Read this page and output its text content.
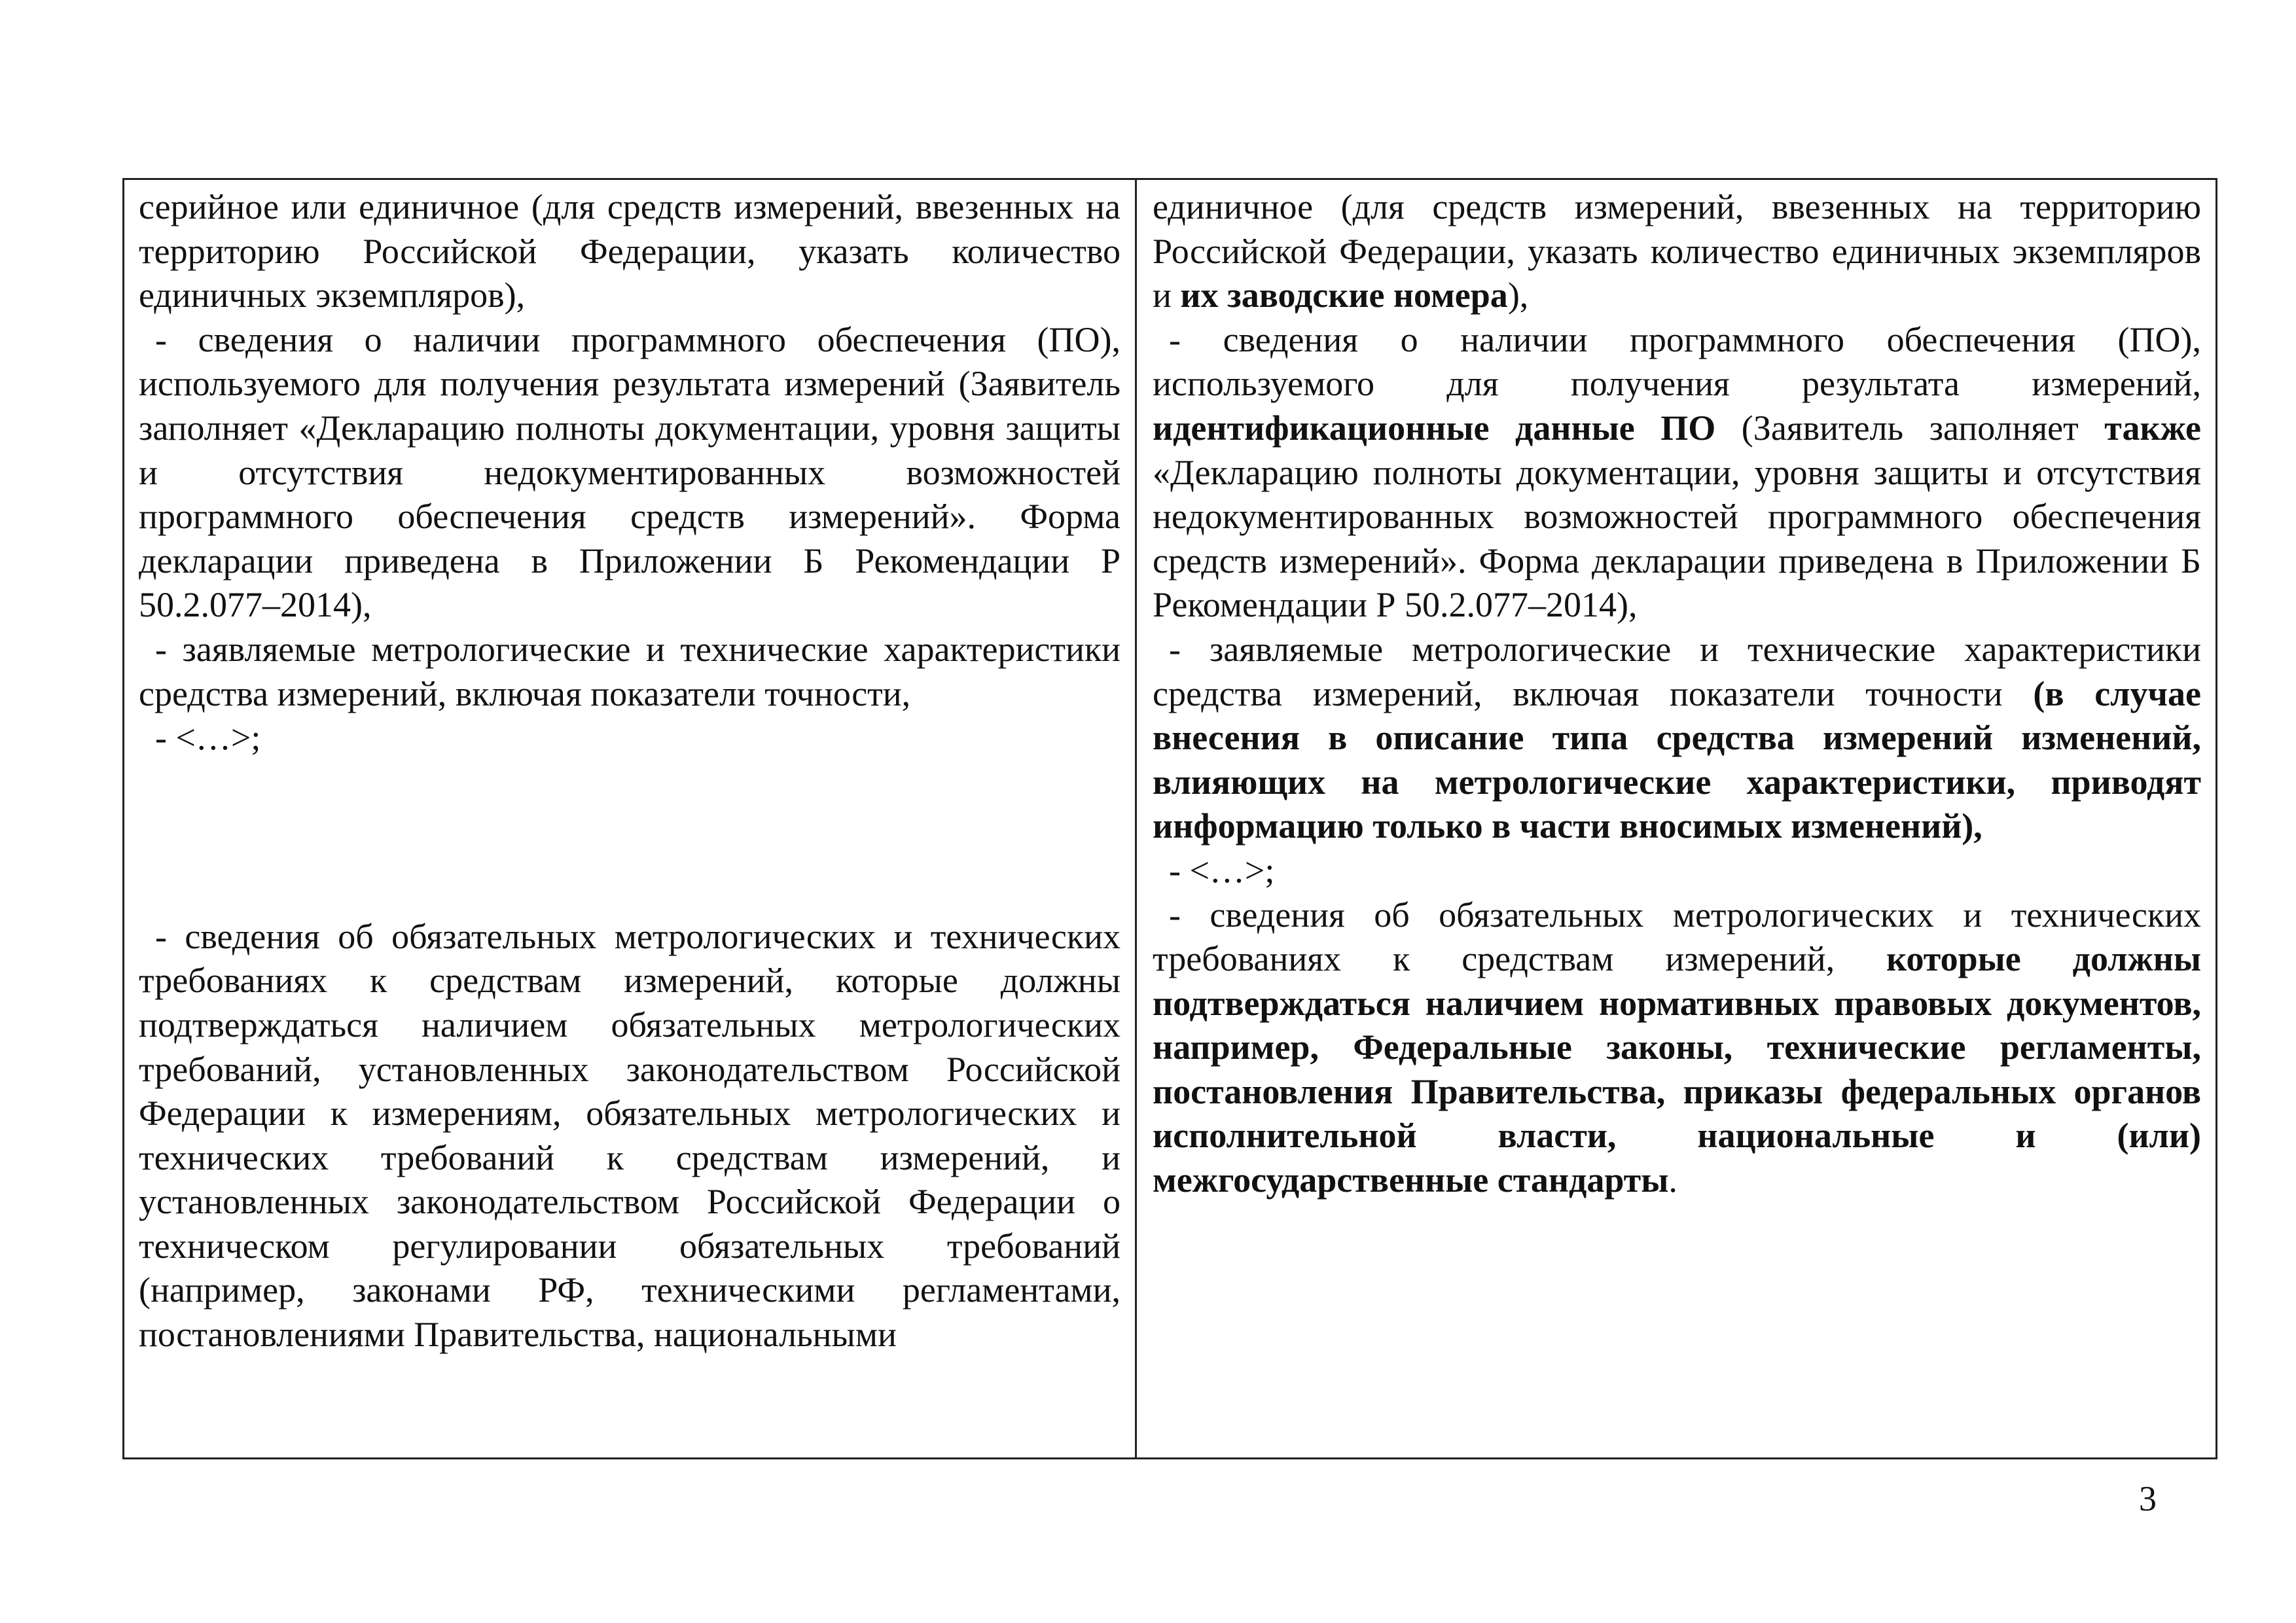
серийное или единичное (для средств измерений, ввезенных на территорию Российской Федерации, указать количество единичных экземпляров),

- сведения о наличии программного обеспечения (ПО), используемого для получения результата измерений (Заявитель заполняет «Декларацию полноты документации, уровня защиты и отсутствия недокументированных возможностей программного обеспечения средств измерений». Форма декларации приведена в Приложении Б Рекомендации Р 50.2.077–2014),

- заявляемые метрологические и технические характеристики средства измерений, включая показатели точности,

- <…>;

- сведения об обязательных метрологических и технических требованиях к средствам измерений, которые должны подтверждаться наличием обязательных метрологических требований, установленных законодательством Российской Федерации к измерениям, обязательных метрологических и технических требований к средствам измерений, и установленных законодательством Российской Федерации о техническом регулировании обязательных требований (например, законами РФ, техническими регламентами, постановлениями Правительства, национальными

единичное (для средств измерений, ввезенных на территорию Российской Федерации, указать количество единичных экземпляров и их заводские номера),

- сведения о наличии программного обеспечения (ПО), используемого для получения результата измерений, идентификационные данные ПО (Заявитель заполняет также «Декларацию полноты документации, уровня защиты и отсутствия недокументированных возможностей программного обеспечения средств измерений». Форма декларации приведена в Приложении Б Рекомендации Р 50.2.077–2014),

- заявляемые метрологические и технические характеристики средства измерений, включая показатели точности (в случае внесения в описание типа средства измерений изменений, влияющих на метрологические характеристики, приводят информацию только в части вносимых изменений),

- <…>;

- сведения об обязательных метрологических и технических требованиях к средствам измерений, которые должны подтверждаться наличием нормативных правовых документов, например, Федеральные законы, технические регламенты, постановления Правительства, приказы федеральных органов исполнительной власти, национальные и (или) межгосударственные стандарты.

3
